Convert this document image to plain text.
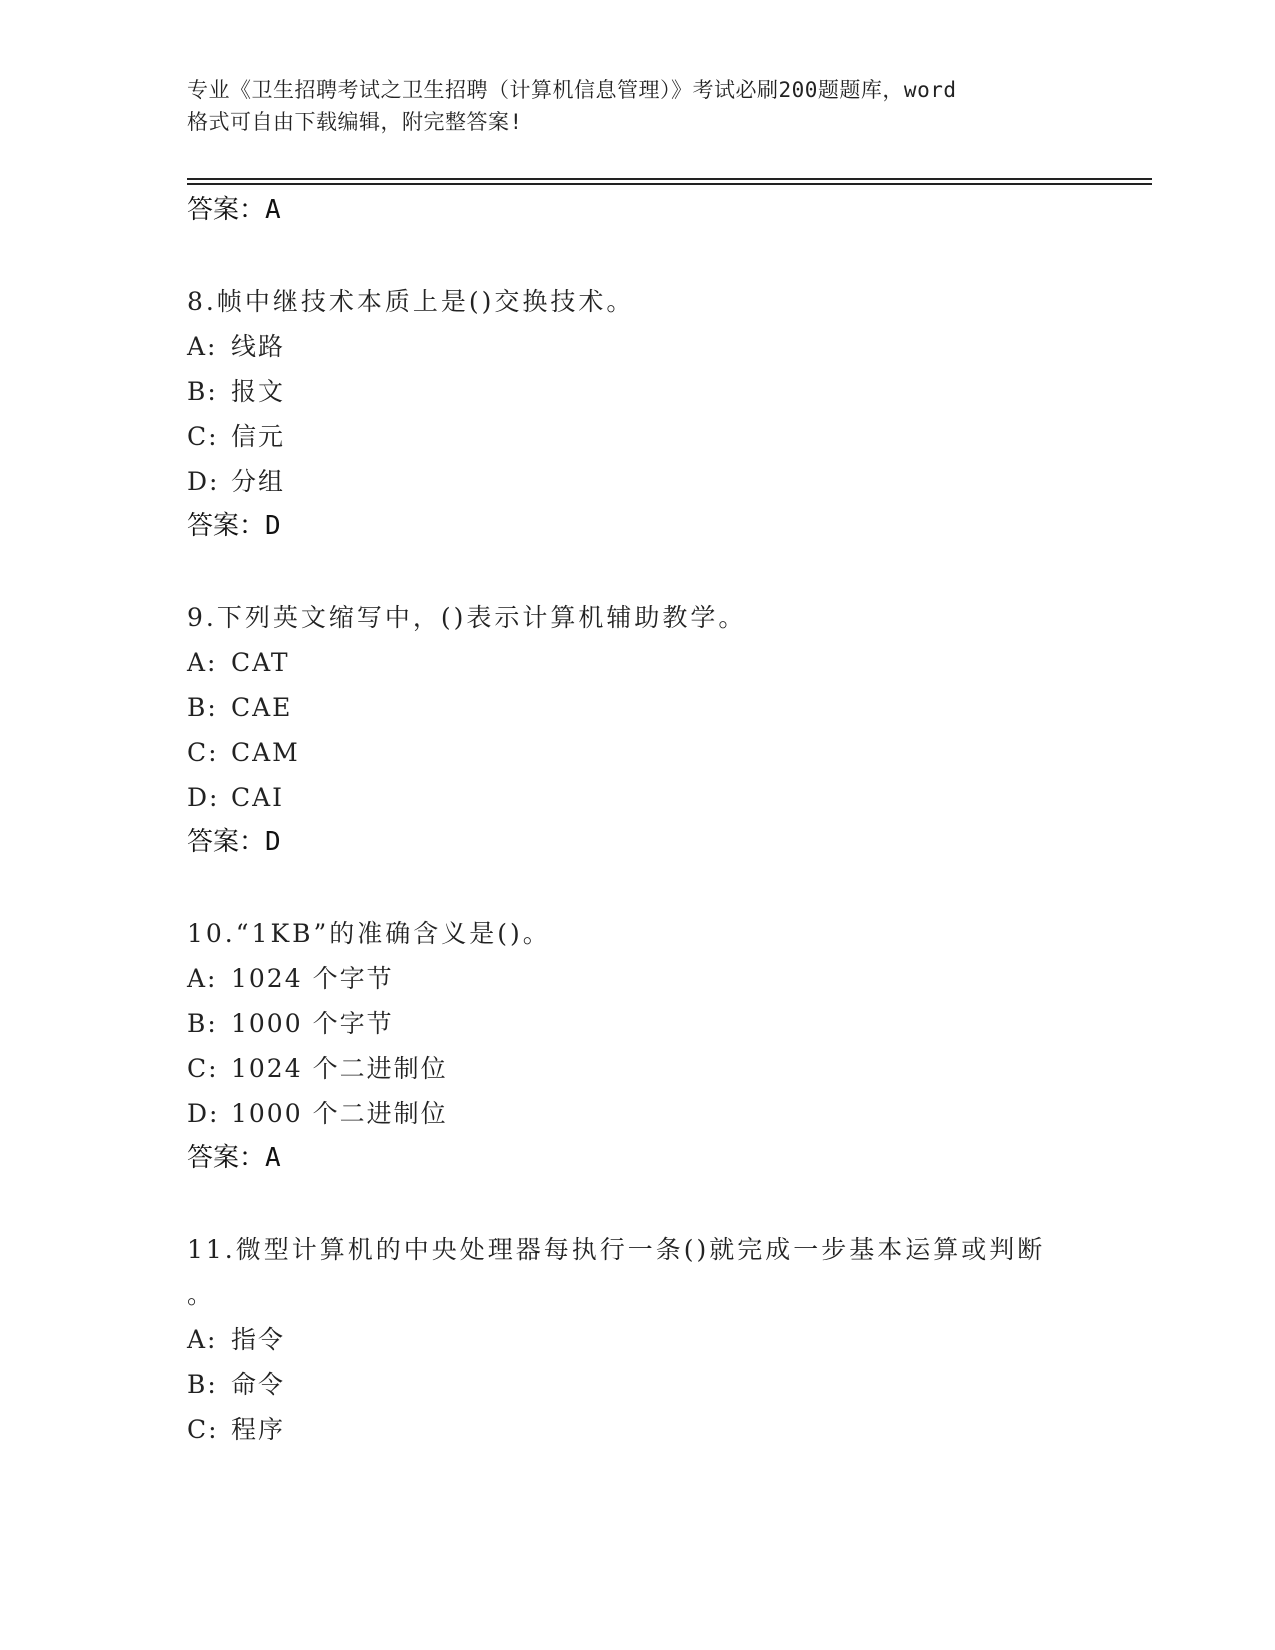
专业《卫生招聘考试之卫生招聘（计算机信息管理）》考试必刷200题题库，word
格式可自由下载编辑，附完整答案!
答案：A
8.帧中继技术本质上是()交换技术。
A: 线路
B: 报文
C: 信元
D: 分组
答案：D
9.下列英文缩写中，()表示计算机辅助教学。
A: CAT
B: CAE
C: CAM
D: CAI
答案：D
10.“1KB”的准确含义是()。
A: 1024 个字节
B: 1000 个字节
C: 1024 个二进制位
D: 1000 个二进制位
答案：A
11.微型计算机的中央处理器每执行一条()就完成一步基本运算或判断
。
A: 指令
B: 命令
C: 程序
